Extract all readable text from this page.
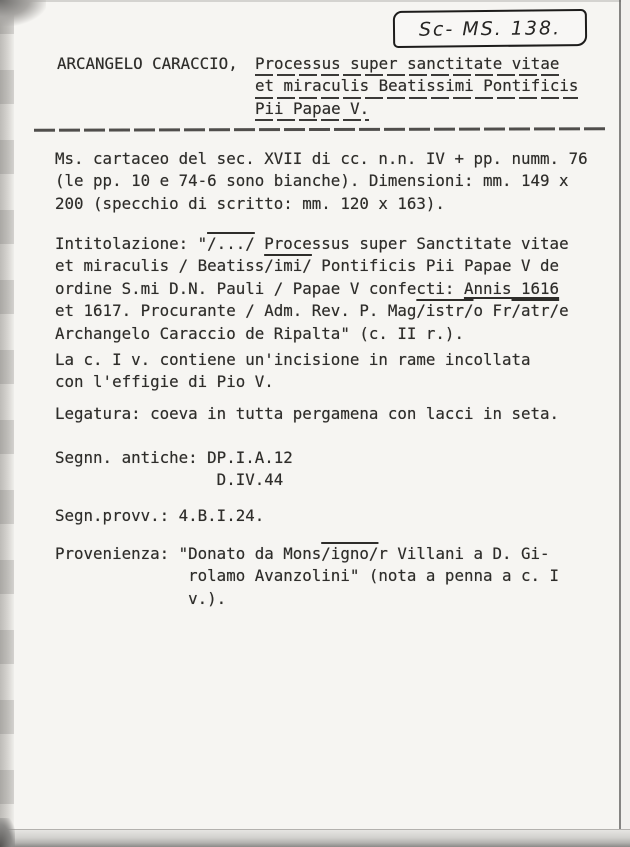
Sc- MS. 138.
ARCANGELO CARACCIO,	Processus super sanctitate vitae
et miraculis Beatissimi Pontificis
Pii Papae V.
Ms. cartaceo del sec. XVII di cc. n.n. IV + pp. numm. 76
(le pp. 10 e 74-6 sono bianche). Dimensioni: mm. 149 x
200 (specchio di scritto: mm. 120 x 163).
Intitolazione: "/.../ Processus super Sanctitate vitae
et miraculis / Beatiss/imi/ Pontificis Pii Papae V de
ordine S.mi D.N. Pauli / Papae V confecti: Annis 1616
et 1617. Procurante / Adm. Rev. P. Mag/istr/o Fr/atr/e
Archangelo Caraccio de Ripalta" (c. II r.).
La c. I v. contiene un'incisione in rame incollata
con l'effigie di Pio V.
Legatura: coeva in tutta pergamena con lacci in seta.
Segnn. antiche: DP.I.A.12
D.IV.44
Segn.provv.: 4.B.I.24.
Provenienza: "Donato da Mons/igno/r Villani a D. Gi-
rolamo Avanzolini" (nota a penna a c. I
v.).
